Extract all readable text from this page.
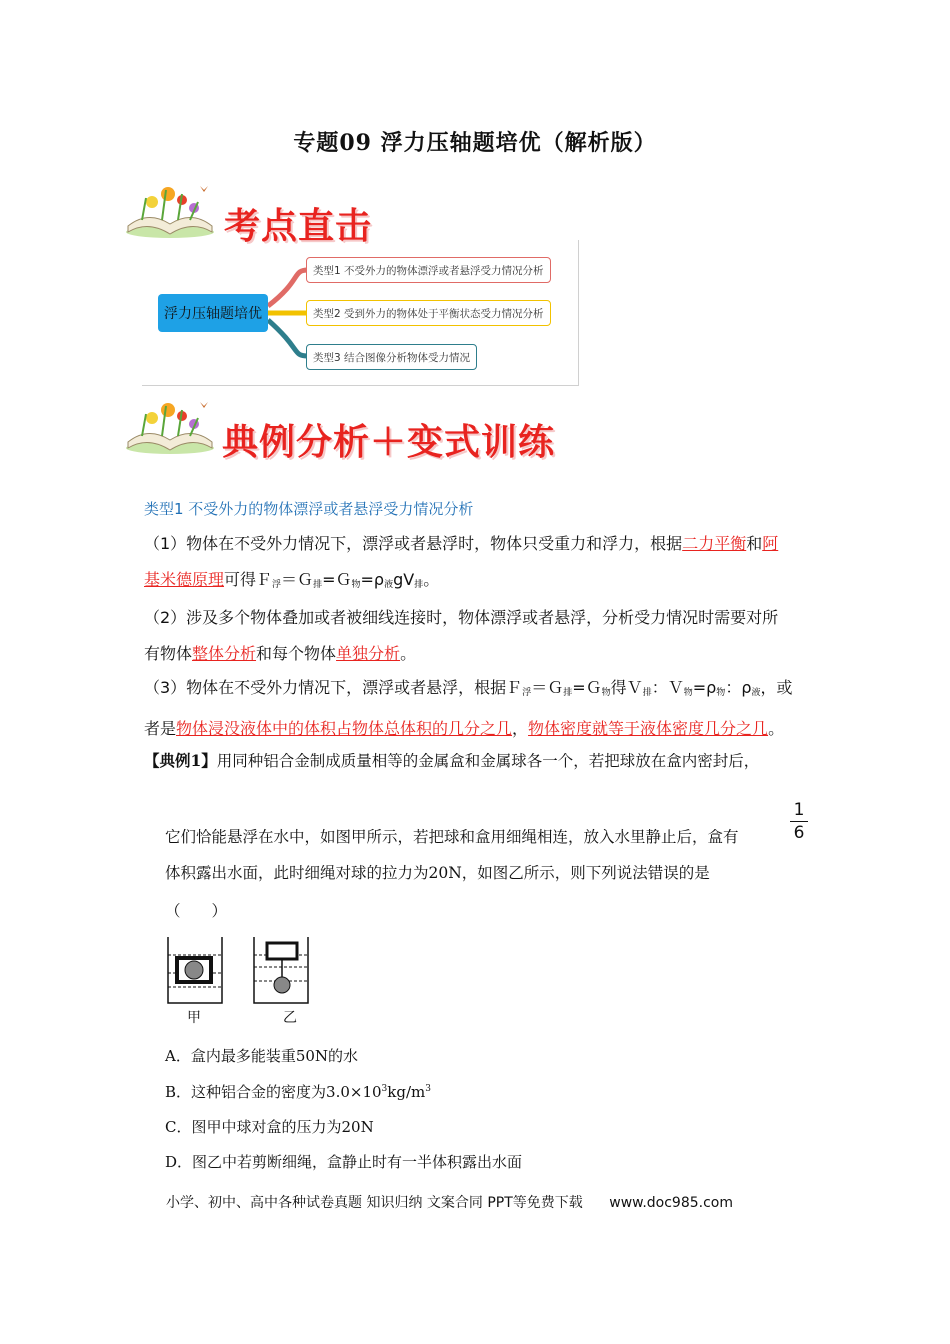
专题09 浮力压轴题培优（解析版）
考点直击
浮力压轴题培优
类型1 不受外力的物体漂浮或者悬浮受力情况分析
类型2 受到外力的物体处于平衡状态受力情况分析
类型3 结合图像分析物体受力情况
典例分析＋变式训练
类型1 不受外力的物体漂浮或者悬浮受力情况分析
（1）物体在不受外力情况下，漂浮或者悬浮时，物体只受重力和浮力，根据二力平衡和阿
基米德原理可得$F_浮=G_排=G_物=\rho_液gV_排$。
（2）涉及多个物体叠加或者被细线连接时，物体漂浮或者悬浮，分析受力情况时需要对所
有物体整体分析和每个物体单独分析。
（3）物体在不受外力情况下，漂浮或者悬浮，根据Ｆ$_浮$＝Ｇ$_排$=Ｇ$_物$得Ｖ$_排$：$V_物=\rho_物$：$\rho_液$，或
者是物体浸没液体中的体积占物体总体积的几分之几，物体密度就等于液体密度几分之几。
【典例1】用同种铝合金制成质量相等的金属盒和金属球各一个，若把球放在盒内密封后，
它们恰能悬浮在水中，如图甲所示，若把球和盒用细绳相连，放入水里静止后，盒有
1
6
体积露出水面，此时细绳对球的拉力为20N，如图乙所示，则下列说法错误的是
（　　）
甲	乙
A．盒内最多能装重50N的水
B．这种铝合金的密度为$3.0\times 10^3kg/m^3$
C．图甲中球对盒的压力为20N
D．图乙中若剪断细绳，盒静止时有一半体积露出水面
小学、初中、高中各种试卷真题 知识归纳 文案合同 PPT等免费下载 www.doc985.com
